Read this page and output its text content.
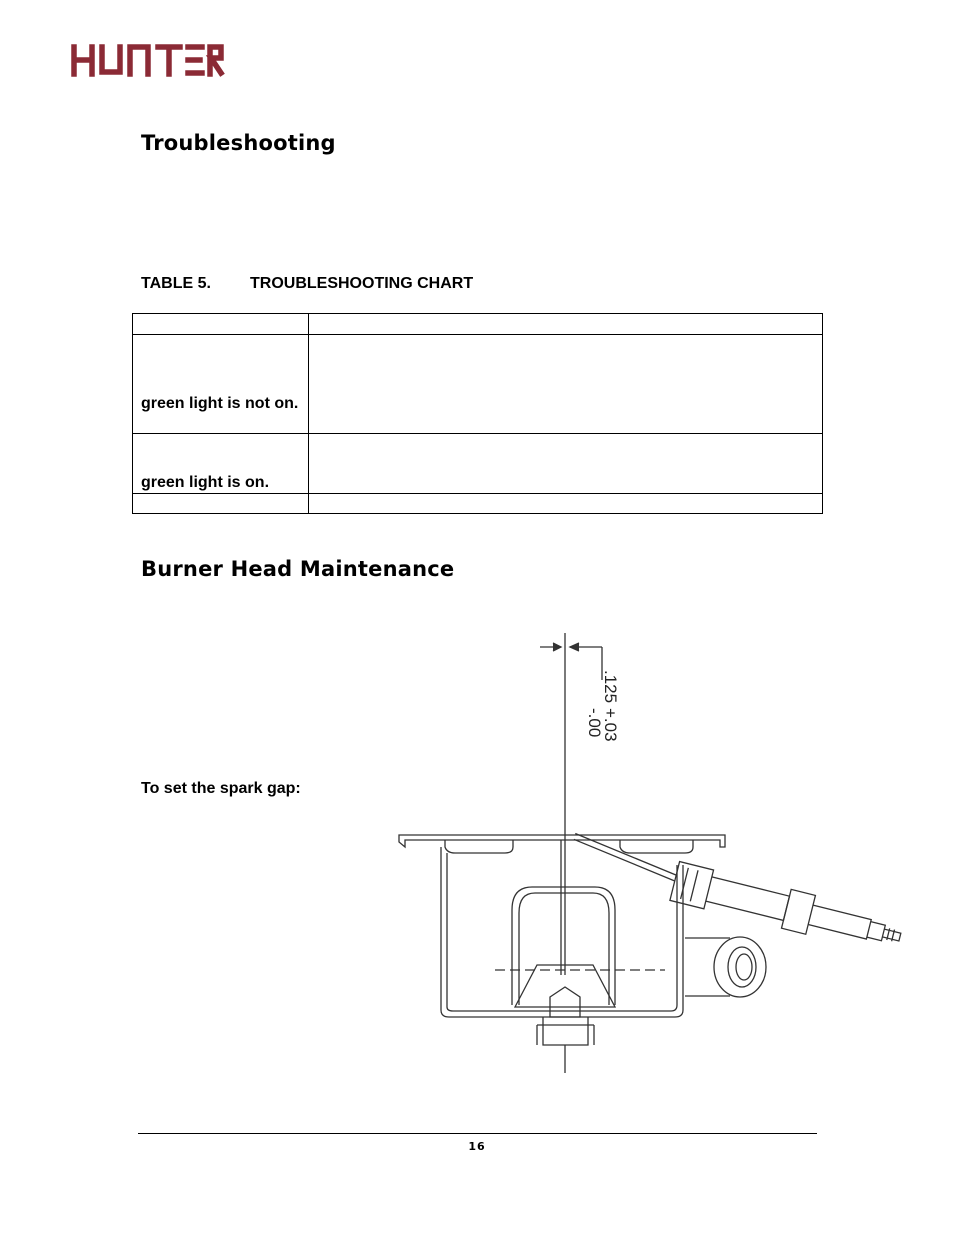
Troubleshooting
TABLE 5. TROUBLESHOOTING CHART

green light is not on.	

green light is on.	

Burner Head Maintenance
To set the spark gap:
.125
+.03
-.00
16
